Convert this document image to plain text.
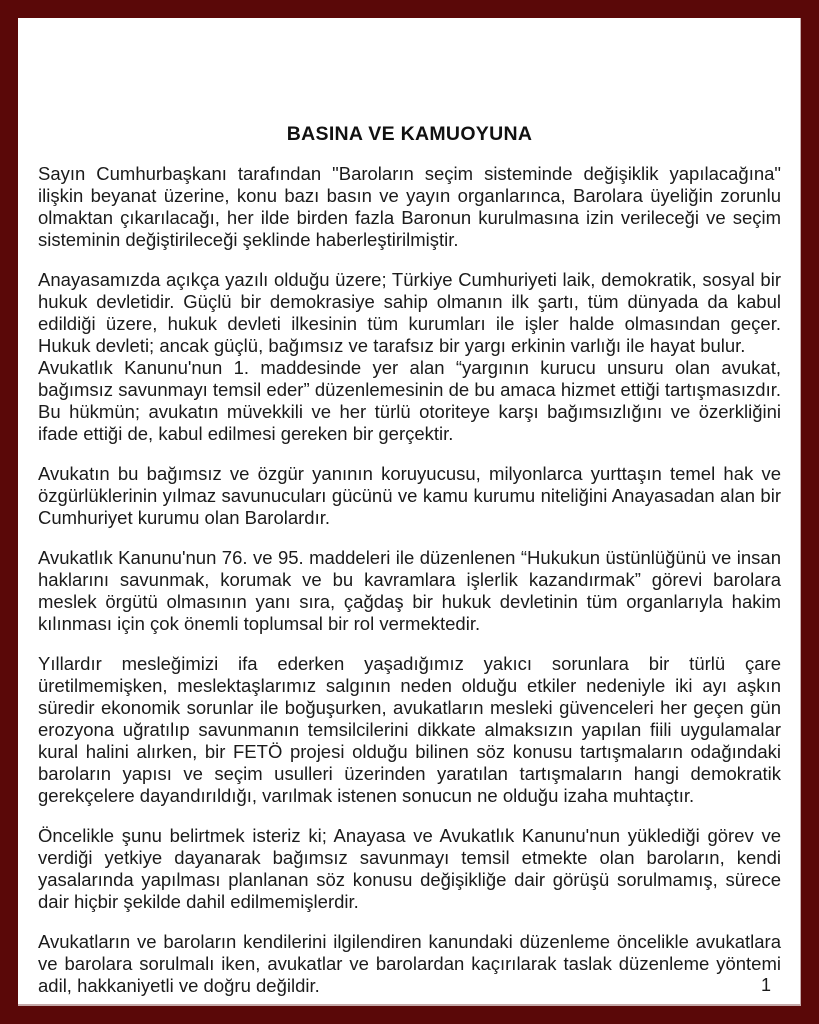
BASINA VE KAMUOYUNA

Sayın Cumhurbaşkanı tarafından "Baroların seçim sisteminde değişiklik yapılacağına" ilişkin beyanat üzerine, konu bazı basın ve yayın organlarınca, Barolara üyeliğin zorunlu olmaktan çıkarılacağı, her ilde birden fazla Baronun kurulmasına izin verileceği ve seçim sisteminin değiştirileceği şeklinde haberleştirilmiştir.

Anayasamızda açıkça yazılı olduğu üzere; Türkiye Cumhuriyeti laik, demokratik, sosyal bir hukuk devletidir. Güçlü bir demokrasiye sahip olmanın ilk şartı, tüm dünyada da kabul edildiği üzere, hukuk devleti ilkesinin tüm kurumları ile işler halde olmasından geçer. Hukuk devleti; ancak güçlü, bağımsız ve tarafsız bir yargı erkinin varlığı ile hayat bulur.

Avukatlık Kanunu'nun 1. maddesinde yer alan “yargının kurucu unsuru olan avukat, bağımsız savunmayı temsil eder” düzenlemesinin de bu amaca hizmet ettiği tartışmasızdır. Bu hükmün; avukatın müvekkili ve her türlü otoriteye karşı bağımsızlığını ve özerkliğini ifade ettiği de, kabul edilmesi gereken bir gerçektir.

Avukatın bu bağımsız ve özgür yanının koruyucusu, milyonlarca yurttaşın temel hak ve özgürlüklerinin yılmaz savunucuları gücünü ve kamu kurumu niteliğini Anayasadan alan bir Cumhuriyet kurumu olan Barolardır.

Avukatlık Kanunu'nun 76. ve 95. maddeleri ile düzenlenen “Hukukun üstünlüğünü ve insan haklarını savunmak, korumak ve bu kavramlara işlerlik kazandırmak” görevi barolara meslek örgütü olmasının yanı sıra, çağdaş bir hukuk devletinin tüm organlarıyla hakim kılınması için çok önemli toplumsal bir rol vermektedir.

Yıllardır mesleğimizi ifa ederken yaşadığımız yakıcı sorunlara bir türlü çare üretilmemişken, meslektaşlarımız salgının neden olduğu etkiler nedeniyle iki ayı aşkın süredir ekonomik sorunlar ile boğuşurken, avukatların mesleki güvenceleri her geçen gün erozyona uğratılıp savunmanın temsilcilerini dikkate almaksızın yapılan fiili uygulamalar kural halini alırken, bir FETÖ projesi olduğu bilinen söz konusu tartışmaların odağındaki baroların yapısı ve seçim usulleri üzerinden yaratılan tartışmaların hangi demokratik gerekçelere dayandırıldığı, varılmak istenen sonucun ne olduğu izaha muhtaçtır.

Öncelikle şunu belirtmek isteriz ki; Anayasa ve Avukatlık Kanunu'nun yüklediği görev ve verdiği yetkiye dayanarak bağımsız savunmayı temsil etmekte olan baroların, kendi yasalarında yapılması planlanan söz konusu değişikliğe dair görüşü sorulmamış, sürece dair hiçbir şekilde dahil edilmemişlerdir.

Avukatların ve baroların kendilerini ilgilendiren kanundaki düzenleme öncelikle avukatlara ve barolara sorulmalı iken, avukatlar ve barolardan kaçırılarak taslak düzenleme yöntemi adil, hakkaniyetli ve doğru değildir.	1
